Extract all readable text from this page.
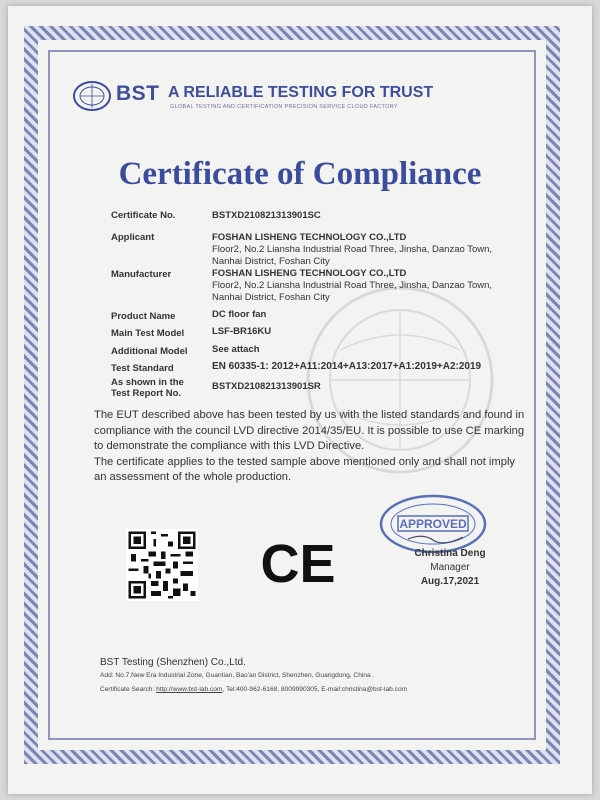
BST A RELIABLE TESTING FOR TRUST
GLOBAL TESTING AND CERTIFICATION PRECISION SERVICE CLOUD FACTORY
Certificate of Compliance
Certificate No.	BSTXD210821313901SC
Applicant	FOSHAN LISHENG TECHNOLOGY CO.,LTD
Floor2, No.2 Liansha Industrial Road Three, Jinsha, Danzao Town,
Nanhai District, Foshan City
Manufacturer	FOSHAN LISHENG TECHNOLOGY CO.,LTD
Floor2, No.2 Liansha Industrial Road Three, Jinsha, Danzao Town,
Nanhai District, Foshan City
Product Name	DC floor fan
Main Test Model	LSF-BR16KU
Additional Model	See attach
Test Standard	EN 60335-1: 2012+A11:2014+A13:2017+A1:2019+A2:2019
As shown in the
Test Report No.
BSTXD210821313901SR

The EUT described above has been tested by us with the listed standards and found in

compliance with the council LVD directive 2014/35/EU. It is possible to use CE marking

to demonstrate the compliance with this LVD Directive.

The certificate applies to the tested sample above mentioned only and shall not imply

an assessment of the whole production.

CE
APPROVED
Christina Deng
Manager
Aug.17,2021
BST Testing (Shenzhen) Co.,Ltd.
Add: No.7,New Era Industrial Zone, Guantian, Bao'an District, Shenzhen, Guangdong, China .
Certificate Search: http://www.bst-lab.com, Tel:400-962-6168, 8009990305, E-mail:christina@bst-lab.com
